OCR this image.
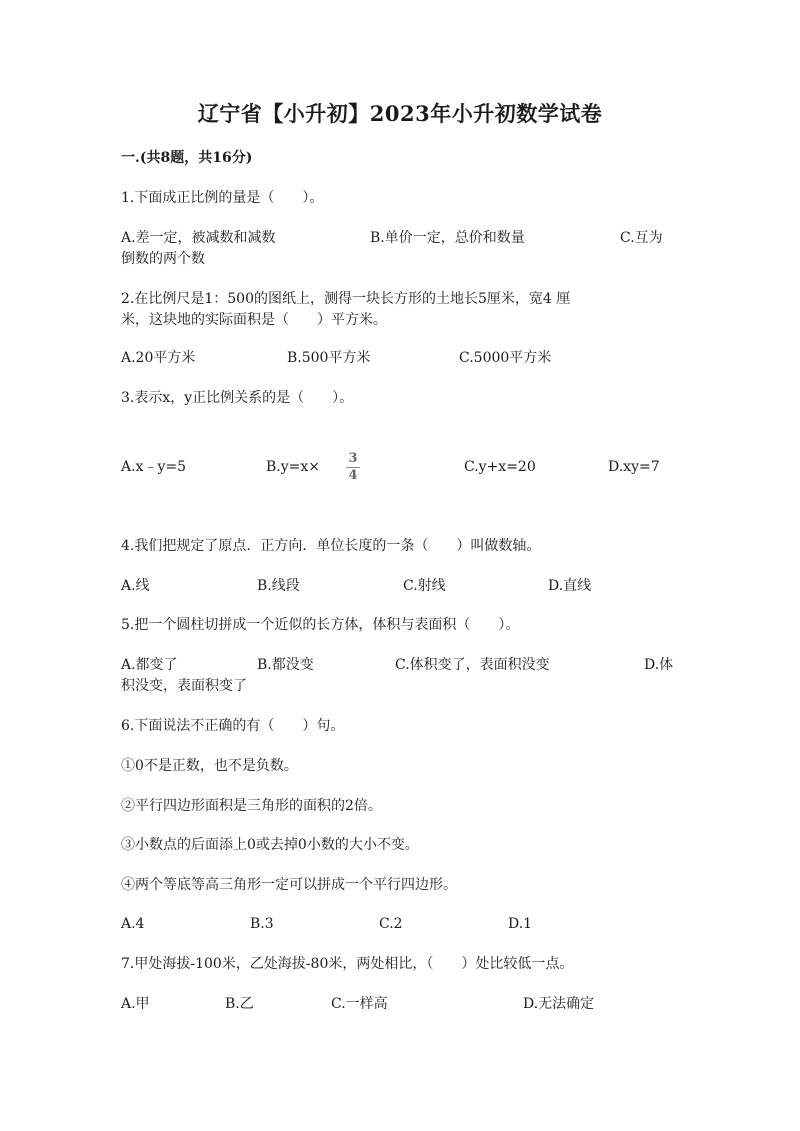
辽宁省【小升初】2023年小升初数学试卷
一.(共8题，共16分)
1.下面成正比例的量是（　　）。
A.差一定，被减数和减数	B.单价一定，总价和数量	C.互为
倒数的两个数
2.在比例尺是1：500的图纸上，测得一块长方形的土地长5厘米，宽4 厘
米，这块地的实际面积是（　　）平方米。
A.20平方米	B.500平方米	C.5000平方米
3.表示x，y正比例关系的是（　　）。
A.x﹣y=5	B.y=x×
3
4
C.y+x=20	D.xy=7
4.我们把规定了原点．正方向．单位长度的一条（　　）叫做数轴。
A.线	B.线段	C.射线	D.直线
5.把一个圆柱切拼成一个近似的长方体，体积与表面积（　　）。
A.都变了	B.都没变	C.体积变了，表面积没变	D.体
积没变，表面积变了
6.下面说法不正确的有（　　）句。
①0不是正数，也不是负数。
②平行四边形面积是三角形的面积的2倍。
③小数点的后面添上0或去掉0小数的大小不变。
④两个等底等高三角形一定可以拼成一个平行四边形。
A.4	B.3	C.2	D.1
7.甲处海拔-100米，乙处海拔-80米，两处相比，（　　）处比较低一点。
A.甲	B.乙	C.一样高	D.无法确定
